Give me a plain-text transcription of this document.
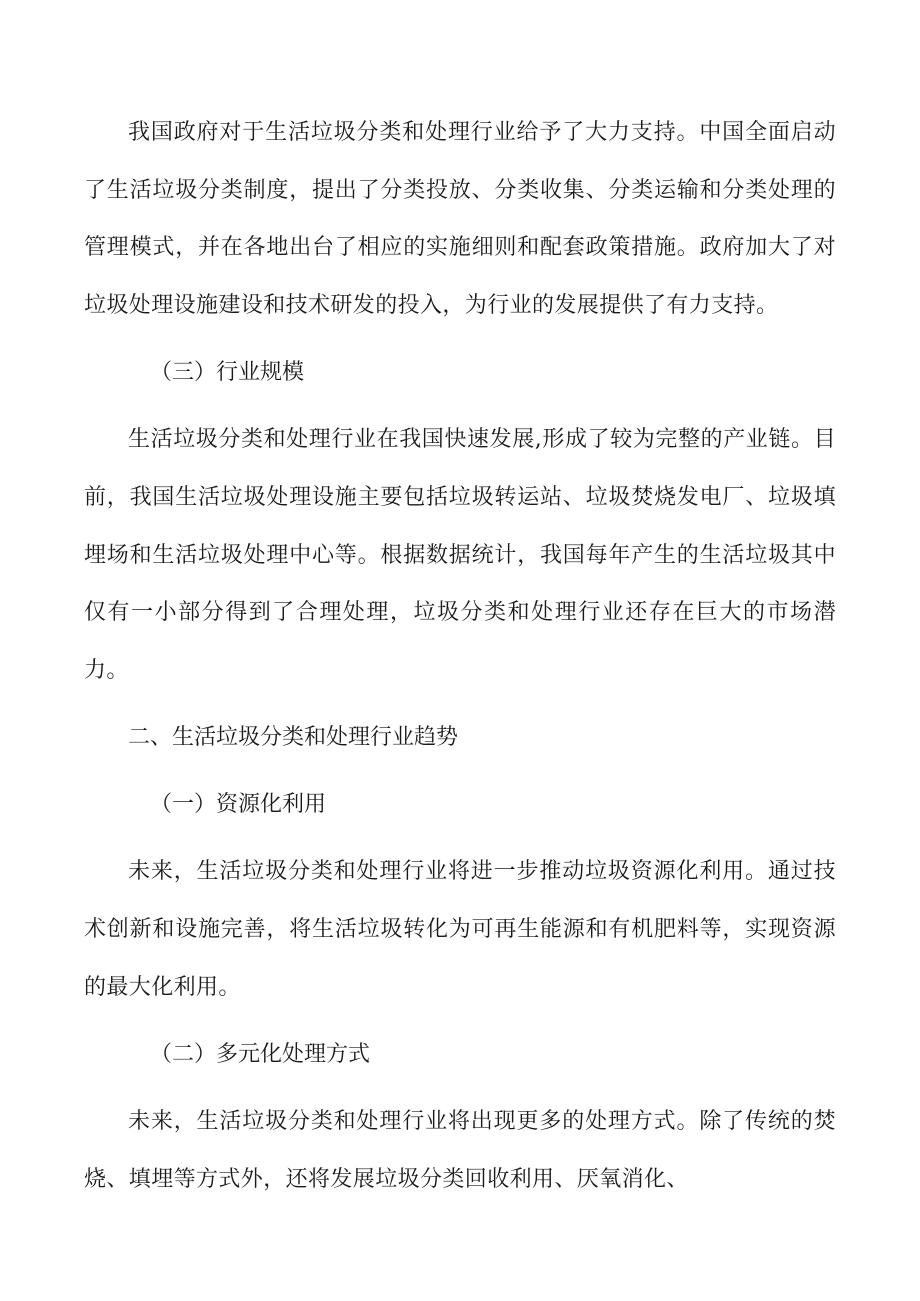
我国政府对于生活垃圾分类和处理行业给予了大力支持。中国全面启动了生活垃圾分类制度，提出了分类投放、分类收集、分类运输和分类处理的管理模式，并在各地出台了相应的实施细则和配套政策措施。政府加大了对垃圾处理设施建设和技术研发的投入，为行业的发展提供了有力支持。

（三）行业规模

生活垃圾分类和处理行业在我国快速发展,形成了较为完整的产业链。目前，我国生活垃圾处理设施主要包括垃圾转运站、垃圾焚烧发电厂、垃圾填埋场和生活垃圾处理中心等。根据数据统计，我国每年产生的生活垃圾其中仅有一小部分得到了合理处理，垃圾分类和处理行业还存在巨大的市场潜力。

二、生活垃圾分类和处理行业趋势

（一）资源化利用

未来，生活垃圾分类和处理行业将进一步推动垃圾资源化利用。通过技术创新和设施完善，将生活垃圾转化为可再生能源和有机肥料等，实现资源的最大化利用。

（二）多元化处理方式

未来，生活垃圾分类和处理行业将出现更多的处理方式。除了传统的焚烧、填埋等方式外，还将发展垃圾分类回收利用、厌氧消化、
